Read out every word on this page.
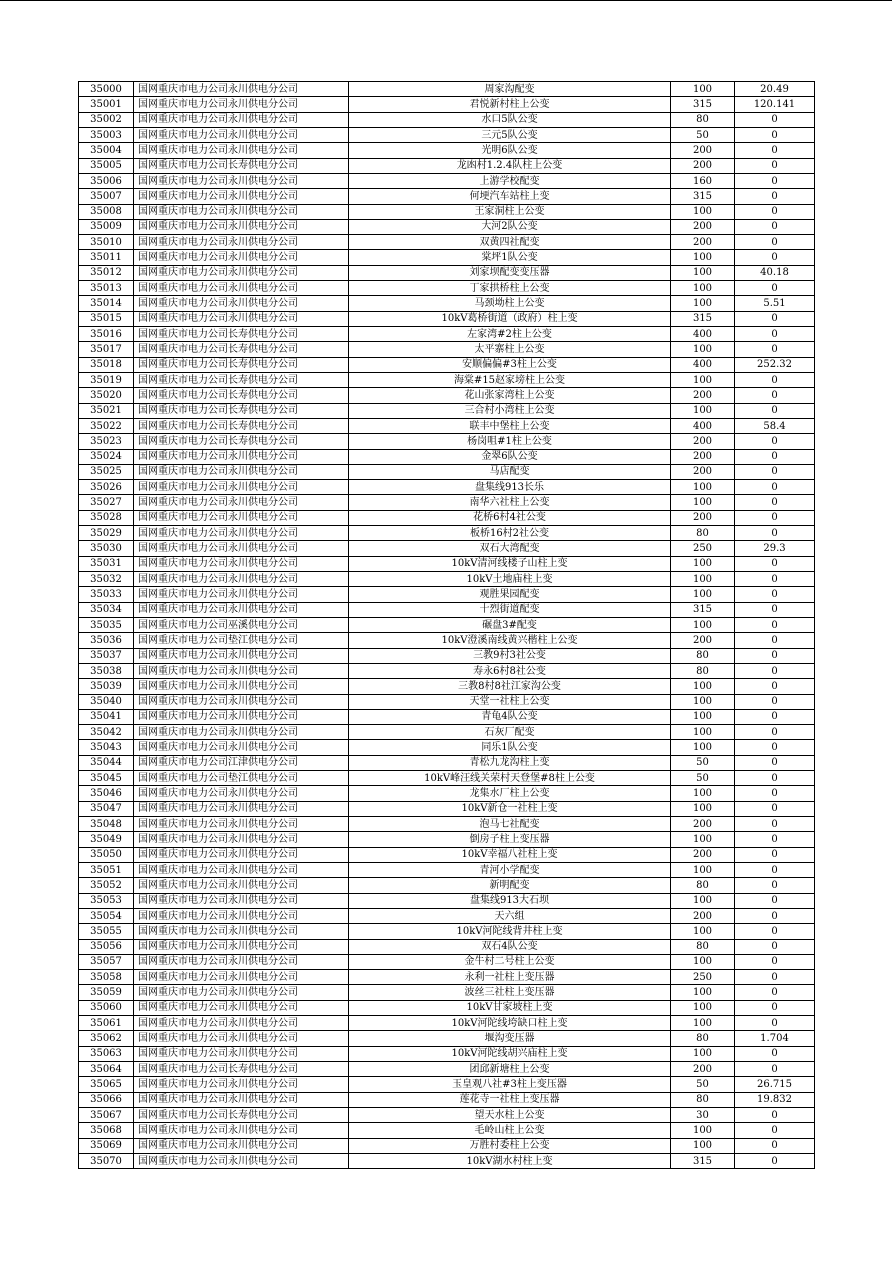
35000	国网重庆市电力公司永川供电分公司	周家沟配变	100	20.49
35001	国网重庆市电力公司永川供电分公司	君悦新村柱上公变	315	120.141
35002	国网重庆市电力公司永川供电分公司	水口5队公变	80	0
35003	国网重庆市电力公司永川供电分公司	三元5队公变	50	0
35004	国网重庆市电力公司永川供电分公司	光明6队公变	200	0
35005	国网重庆市电力公司长寿供电分公司	龙凼村1.2.4队柱上公变	200	0
35006	国网重庆市电力公司永川供电分公司	上游学校配变	160	0
35007	国网重庆市电力公司永川供电分公司	何埂汽车站柱上变	315	0
35008	国网重庆市电力公司永川供电分公司	王家洞柱上公变	100	0
35009	国网重庆市电力公司永川供电分公司	大河2队公变	200	0
35010	国网重庆市电力公司永川供电分公司	双黄四社配变	200	0
35011	国网重庆市电力公司永川供电分公司	棠坪1队公变	100	0
35012	国网重庆市电力公司永川供电分公司	刘家坝配变变压器	100	40.18
35013	国网重庆市电力公司永川供电分公司	丁家拱桥柱上公变	100	0
35014	国网重庆市电力公司永川供电分公司	马颈坳柱上公变	100	5.51
35015	国网重庆市电力公司永川供电分公司	10kV葛桥街道（政府）柱上变	315	0
35016	国网重庆市电力公司长寿供电分公司	左家湾#2柱上公变	400	0
35017	国网重庆市电力公司长寿供电分公司	太平寨柱上公变	100	0
35018	国网重庆市电力公司长寿供电分公司	安顺偏偏#3柱上公变	400	252.32
35019	国网重庆市电力公司长寿供电分公司	海棠#15赵家塝柱上公变	100	0
35020	国网重庆市电力公司长寿供电分公司	花山张家湾柱上公变	200	0
35021	国网重庆市电力公司长寿供电分公司	三合村小湾柱上公变	100	0
35022	国网重庆市电力公司长寿供电分公司	联丰中堡柱上公变	400	58.4
35023	国网重庆市电力公司长寿供电分公司	杨岗咀#1柱上公变	200	0
35024	国网重庆市电力公司永川供电分公司	金翠6队公变	200	0
35025	国网重庆市电力公司永川供电分公司	马店配变	200	0
35026	国网重庆市电力公司永川供电分公司	盘集线913长乐	100	0
35027	国网重庆市电力公司永川供电分公司	南华六社柱上公变	100	0
35028	国网重庆市电力公司永川供电分公司	花桥6村4社公变	200	0
35029	国网重庆市电力公司永川供电分公司	板桥16村2社公变	80	0
35030	国网重庆市电力公司永川供电分公司	双石大湾配变	250	29.3
35031	国网重庆市电力公司永川供电分公司	10kV清河线楼子山柱上变	100	0
35032	国网重庆市电力公司永川供电分公司	10kV土地庙柱上变	100	0
35033	国网重庆市电力公司永川供电分公司	观胜果园配变	100	0
35034	国网重庆市电力公司永川供电分公司	十烈街道配变	315	0
35035	国网重庆市电力公司巫溪供电分公司	碾盘3#配变	100	0
35036	国网重庆市电力公司垫江供电分公司	10kV澄溪南线黄兴楷柱上公变	200	0
35037	国网重庆市电力公司永川供电分公司	三教9村3社公变	80	0
35038	国网重庆市电力公司永川供电分公司	寿永6村8社公变	80	0
35039	国网重庆市电力公司永川供电分公司	三教8村8社江家沟公变	100	0
35040	国网重庆市电力公司永川供电分公司	天堂一社柱上公变	100	0
35041	国网重庆市电力公司永川供电分公司	青龟4队公变	100	0
35042	国网重庆市电力公司永川供电分公司	石灰厂配变	100	0
35043	国网重庆市电力公司永川供电分公司	同乐1队公变	100	0
35044	国网重庆市电力公司江津供电分公司	青松九龙沟柱上变	50	0
35045	国网重庆市电力公司垫江供电分公司	10kV峰汪线关荣村天登堡#8柱上公变	50	0
35046	国网重庆市电力公司永川供电分公司	龙集水厂柱上公变	100	0
35047	国网重庆市电力公司永川供电分公司	10kV新仓一社柱上变	100	0
35048	国网重庆市电力公司永川供电分公司	泡马七社配变	200	0
35049	国网重庆市电力公司永川供电分公司	倒房子柱上变压器	100	0
35050	国网重庆市电力公司永川供电分公司	10kV幸福八社柱上变	200	0
35051	国网重庆市电力公司永川供电分公司	青河小学配变	100	0
35052	国网重庆市电力公司永川供电分公司	新明配变	80	0
35053	国网重庆市电力公司永川供电分公司	盘集线913大石坝	100	0
35054	国网重庆市电力公司永川供电分公司	天六组	200	0
35055	国网重庆市电力公司永川供电分公司	10kV河陀线背井柱上变	100	0
35056	国网重庆市电力公司永川供电分公司	双石4队公变	80	0
35057	国网重庆市电力公司永川供电分公司	金牛村二号柱上公变	100	0
35058	国网重庆市电力公司永川供电分公司	永利一社柱上变压器	250	0
35059	国网重庆市电力公司永川供电分公司	波丝三社柱上变压器	100	0
35060	国网重庆市电力公司永川供电分公司	10kV甘家坡柱上变	100	0
35061	国网重庆市电力公司永川供电分公司	10kV河陀线垮缺口柱上变	100	0
35062	国网重庆市电力公司永川供电分公司	堰沟变压器	80	1.704
35063	国网重庆市电力公司永川供电分公司	10kV河陀线胡兴庙柱上变	100	0
35064	国网重庆市电力公司长寿供电分公司	团邱新塘柱上公变	200	0
35065	国网重庆市电力公司永川供电分公司	玉皇观八社#3柱上变压器	50	26.715
35066	国网重庆市电力公司永川供电分公司	莲花寺一社柱上变压器	80	19.832
35067	国网重庆市电力公司长寿供电分公司	望天水柱上公变	30	0
35068	国网重庆市电力公司永川供电分公司	毛岭山柱上公变	100	0
35069	国网重庆市电力公司永川供电分公司	万胜村委柱上公变	100	0
35070	国网重庆市电力公司永川供电分公司	10kV湖水村柱上变	315	0
